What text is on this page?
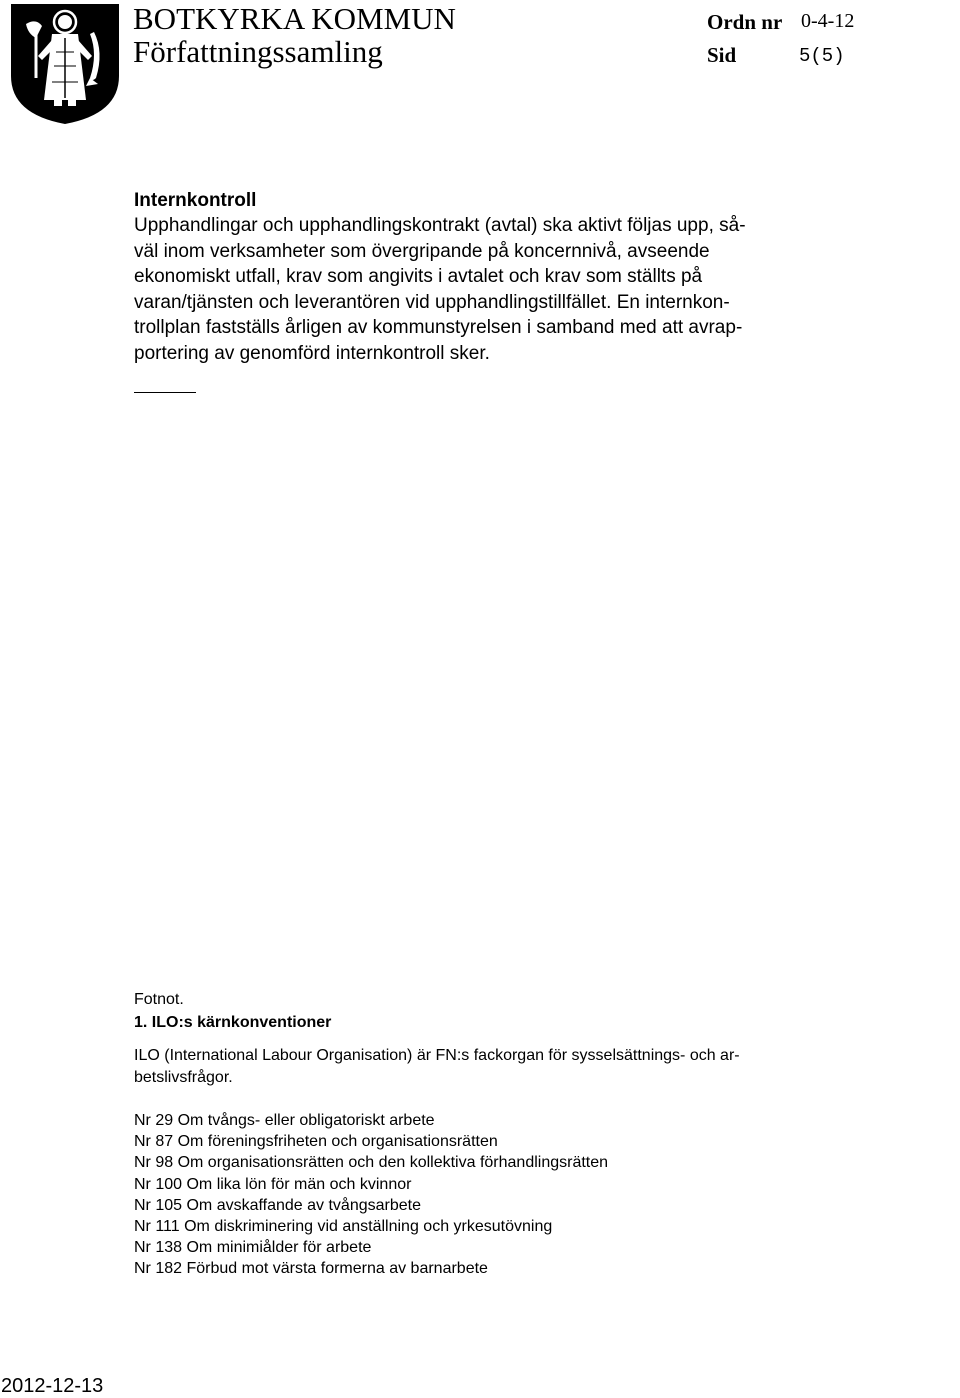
BOTKYRKA KOMMUN
Författningssamling
Ordn nr 0-4-12
Sid	5(5)
Internkontroll
Upphandlingar och upphandlingskontrakt (avtal) ska aktivt följas upp, så-
väl inom verksamheter som övergripande på koncernnivå, avseende
ekonomiskt utfall, krav som angivits i avtalet och krav som ställts på
varan/tjänsten och leverantören vid upphandlingstillfället. En internkon-
trollplan fastställs årligen av kommunstyrelsen i samband med att avrap-
portering av genomförd internkontroll sker.
Fotnot.
1. ILO:s kärnkonventioner
ILO (International Labour Organisation) är FN:s fackorgan för sysselsättnings- och ar-
betslivsfrågor.
Nr 29 Om tvångs- eller obligatoriskt arbete
Nr 87 Om föreningsfriheten och organisationsrätten
Nr 98 Om organisationsrätten och den kollektiva förhandlingsrätten
Nr 100 Om lika lön för män och kvinnor
Nr 105 Om avskaffande av tvångsarbete
Nr 111 Om diskriminering vid anställning och yrkesutövning
Nr 138 Om minimiålder för arbete
Nr 182 Förbud mot värsta formerna av barnarbete
2012-12-13
